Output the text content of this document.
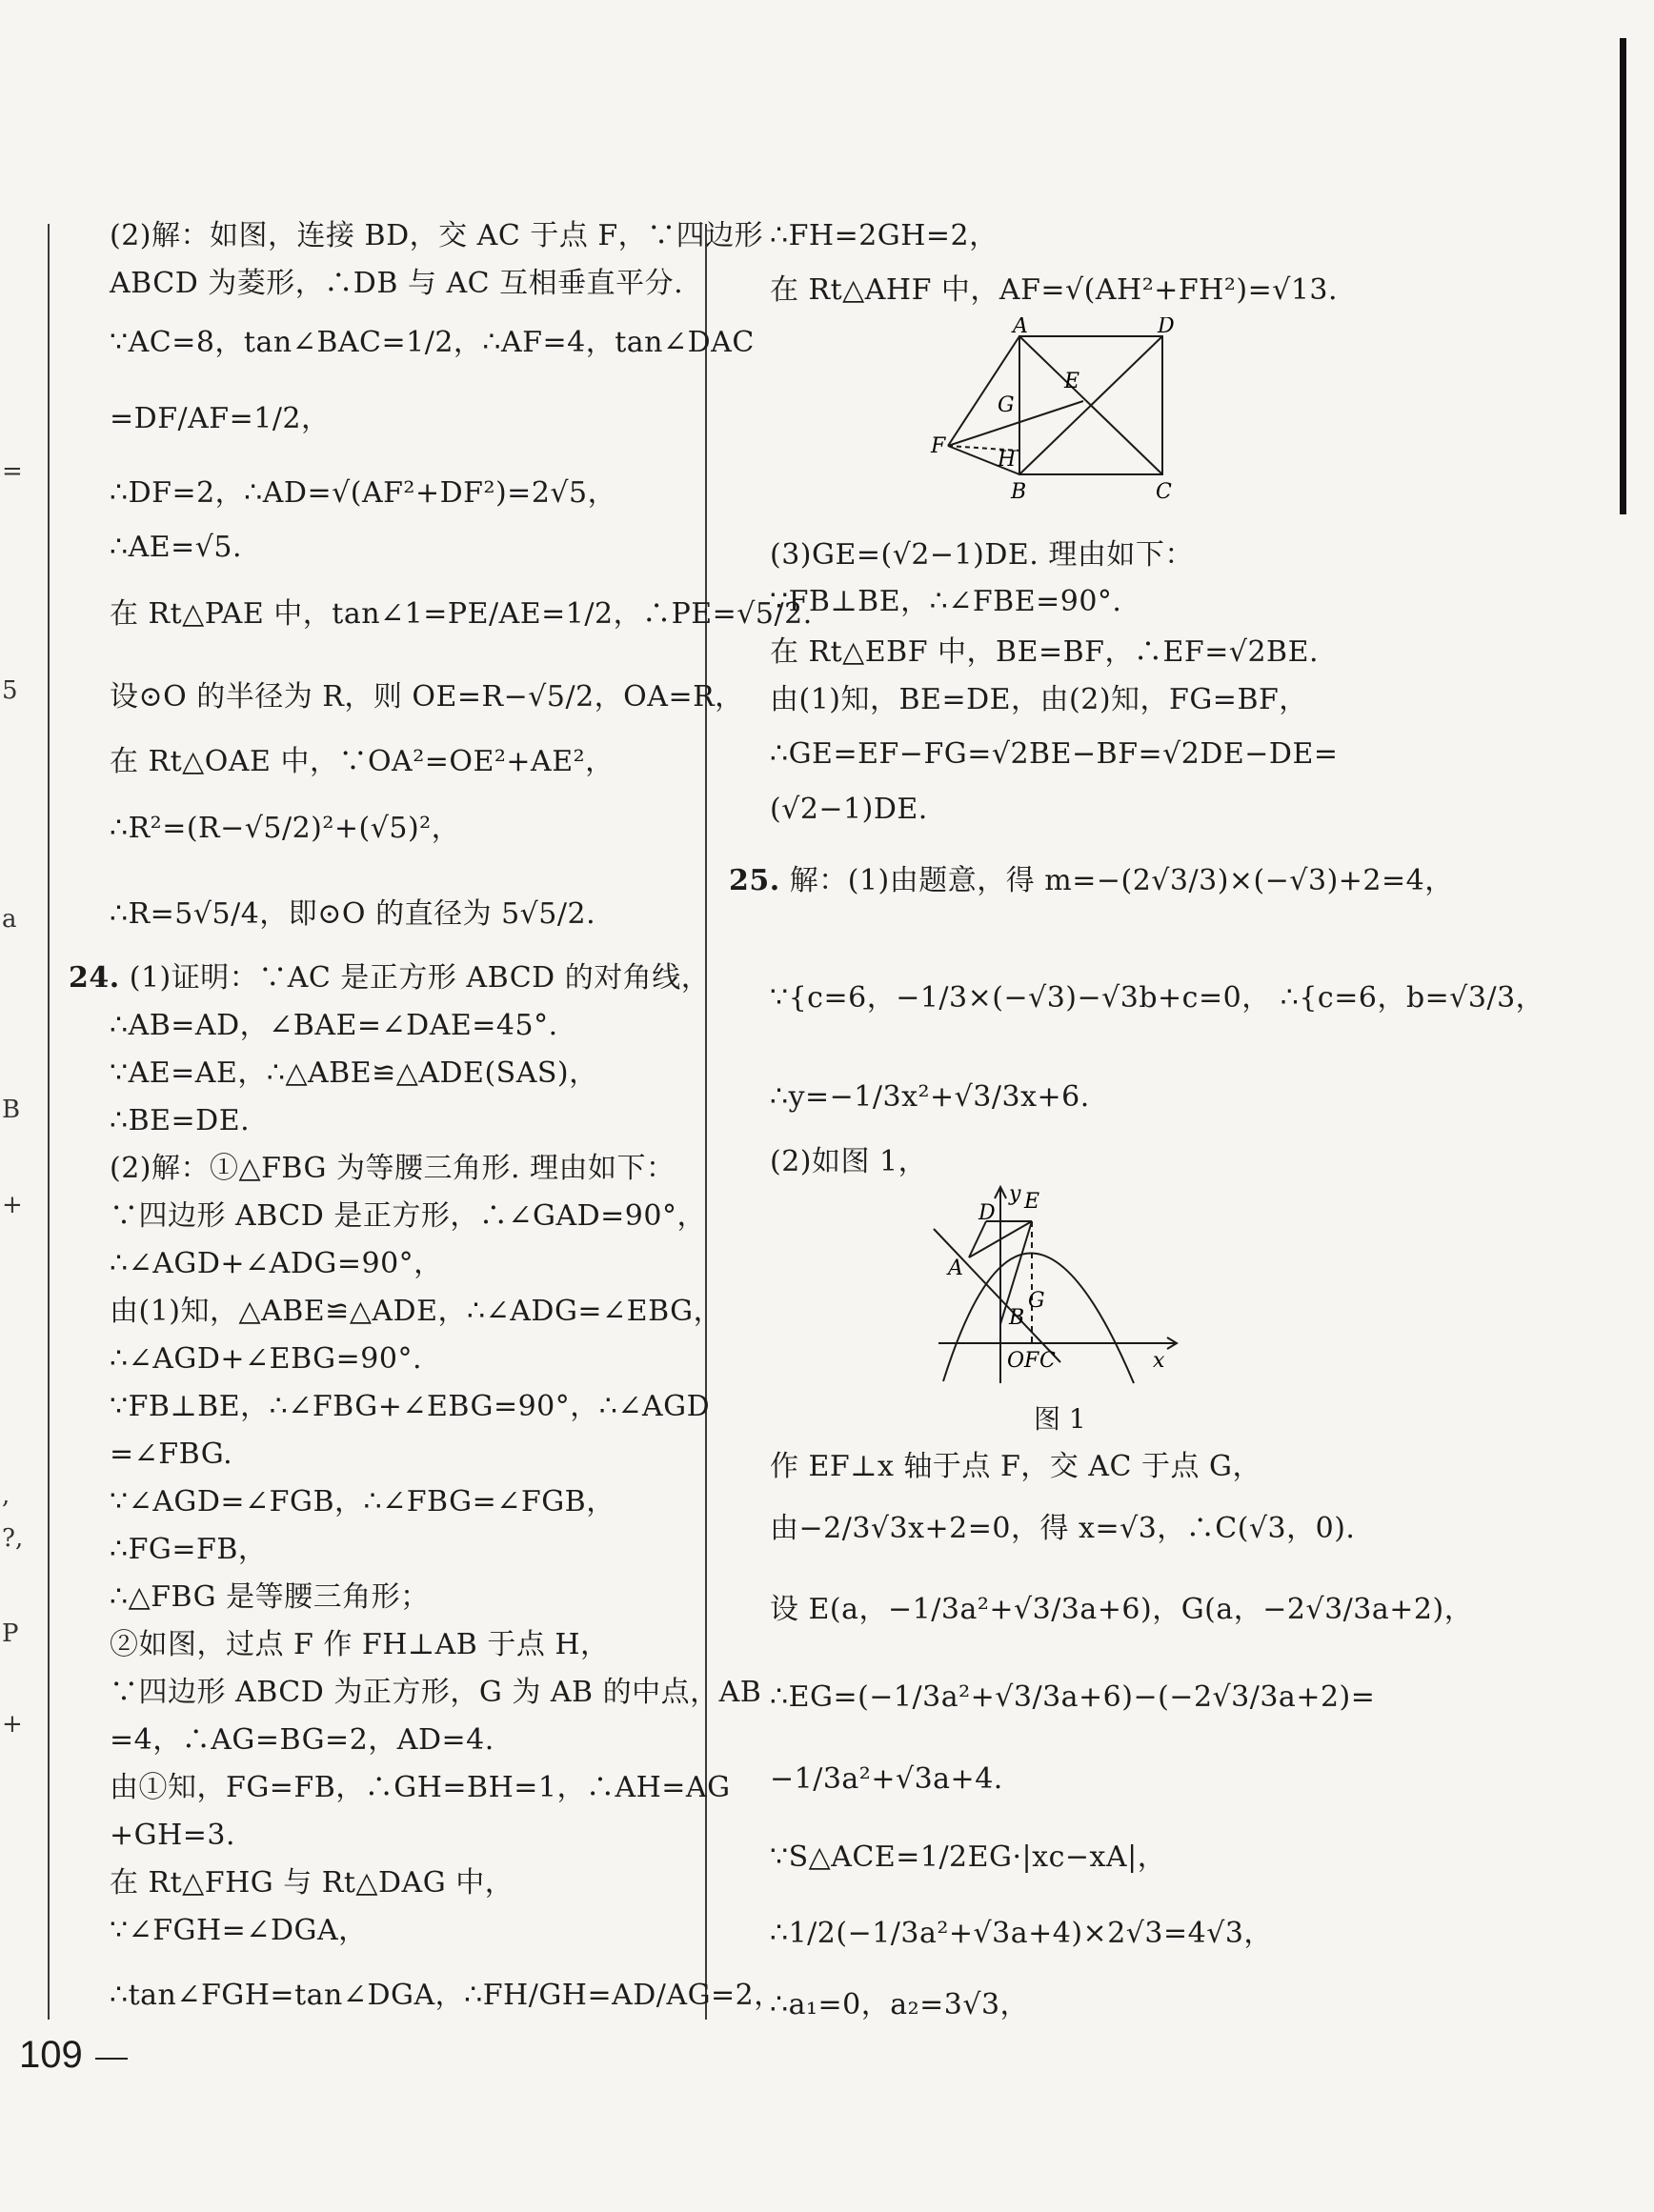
=
5
a
B
+
,
?,
P
+
(2)解：如图，连接 BD，交 AC 于点 F，∵四边形
ABCD 为菱形，∴DB 与 AC 互相垂直平分.
∵AC=8，tan∠BAC=1/2，∴AF=4，tan∠DAC
=DF/AF=1/2，
∴DF=2，∴AD=√(AF²+DF²)=2√5，
∴AE=√5.
在 Rt△PAE 中，tan∠1=PE/AE=1/2，∴PE=√5/2.
设⊙O 的半径为 R，则 OE=R−√5/2，OA=R，
在 Rt△OAE 中，∵OA²=OE²+AE²，
∴R²=(R−√5/2)²+(√5)²，
∴R=5√5/4，即⊙O 的直径为 5√5/2.
24. (1)证明：∵AC 是正方形 ABCD 的对角线，
∴AB=AD，∠BAE=∠DAE=45°.
∵AE=AE，∴△ABE≌△ADE(SAS)，
∴BE=DE.
(2)解：①△FBG 为等腰三角形. 理由如下：
∵四边形 ABCD 是正方形，∴∠GAD=90°，
∴∠AGD+∠ADG=90°，
由(1)知，△ABE≌△ADE，∴∠ADG=∠EBG，
∴∠AGD+∠EBG=90°.
∵FB⊥BE，∴∠FBG+∠EBG=90°，∴∠AGD
=∠FBG.
∵∠AGD=∠FGB，∴∠FBG=∠FGB，
∴FG=FB，
∴△FBG 是等腰三角形；
②如图，过点 F 作 FH⊥AB 于点 H，
∵四边形 ABCD 为正方形，G 为 AB 的中点，AB
=4，∴AG=BG=2，AD=4.
由①知，FG=FB，∴GH=BH=1，∴AH=AG
+GH=3.
在 Rt△FHG 与 Rt△DAG 中，
∵∠FGH=∠DGA，
∴tan∠FGH=tan∠DGA，∴FH/GH=AD/AG=2，
∴FH=2GH=2，
在 Rt△AHF 中，AF=√(AH²+FH²)=√13.
A	D
E
G
F
H
B	C
(3)GE=(√2−1)DE. 理由如下：
∵FB⊥BE，∴∠FBE=90°.
在 Rt△EBF 中，BE=BF，∴EF=√2BE.
由(1)知，BE=DE，由(2)知，FG=BF，
∴GE=EF−FG=√2BE−BF=√2DE−DE=
(√2−1)DE.
25. 解：(1)由题意，得 m=−(2√3/3)×(−√3)+2=4，
∵{c=6，−1/3×(−√3)−√3b+c=0， ∴{c=6，b=√3/3，
∴y=−1/3x²+√3/3x+6.
(2)如图 1，
y E
D
A
G
B
O F C	x
图 1
作 EF⊥x 轴于点 F，交 AC 于点 G，
由−2/3√3x+2=0，得 x=√3，∴C(√3，0).
设 E(a，−1/3a²+√3/3a+6)，G(a，−2√3/3a+2)，
∴EG=(−1/3a²+√3/3a+6)−(−2√3/3a+2)=
−1/3a²+√3a+4.
∵S△ACE=1/2EG·|xc−xA|，
∴1/2(−1/3a²+√3a+4)×2√3=4√3，
∴a₁=0，a₂=3√3，
109
